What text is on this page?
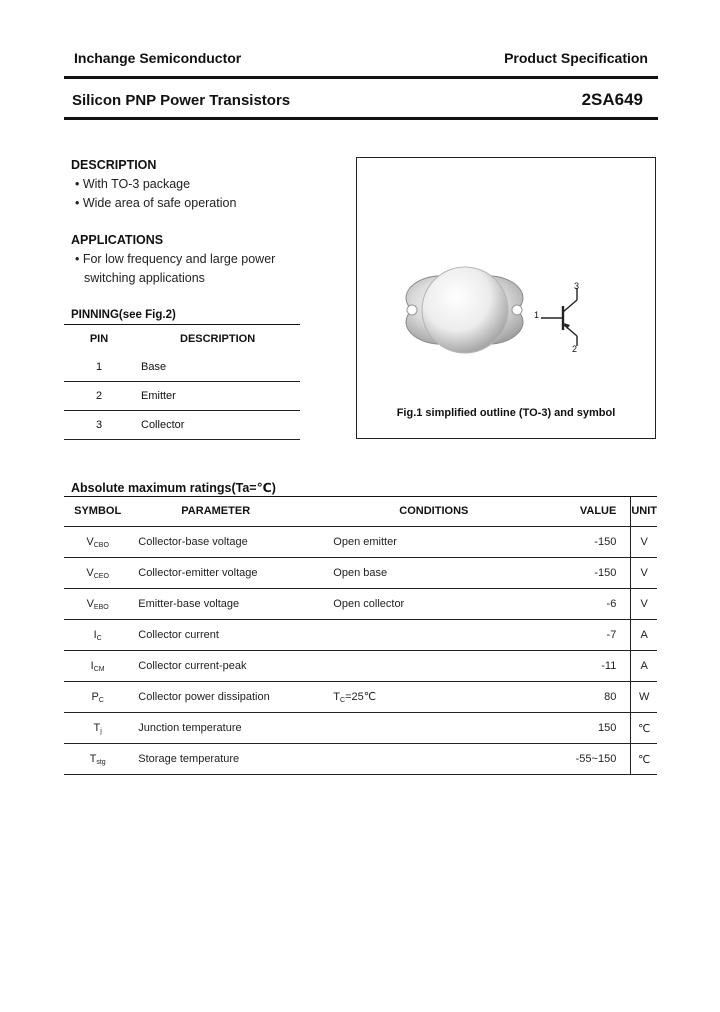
Inchange Semiconductor	Product Specification
Silicon PNP Power Transistors	2SA649
DESCRIPTION
• With TO-3 package
• Wide area of safe operation
APPLICATIONS
• For low frequency and large power
switching applications
PINNING(see Fig.2)
PIN	DESCRIPTION
1	Base
2	Emitter
3	Collector
1
2
3
Fig.1 simplified outline (TO-3) and symbol
Absolute maximum ratings(Ta=℃)
SYMBOL	PARAMETER	CONDITIONS	VALUE	UNIT
$V_{CBO}$	Collector-base voltage	Open emitter	-150	V
$V_{CEO}$	Collector-emitter voltage	Open base	-150	V
$V_{EBO}$	Emitter-base voltage	Open collector	-6	V
$I_C$	Collector current		-7	A
$I_{CM}$	Collector current-peak		-11	A
$P_C$	Collector power dissipation	$T_C=25℃$	80	W
$T_j$	Junction temperature		150	℃
$T_{stg}$	Storage temperature		-55~150	℃
